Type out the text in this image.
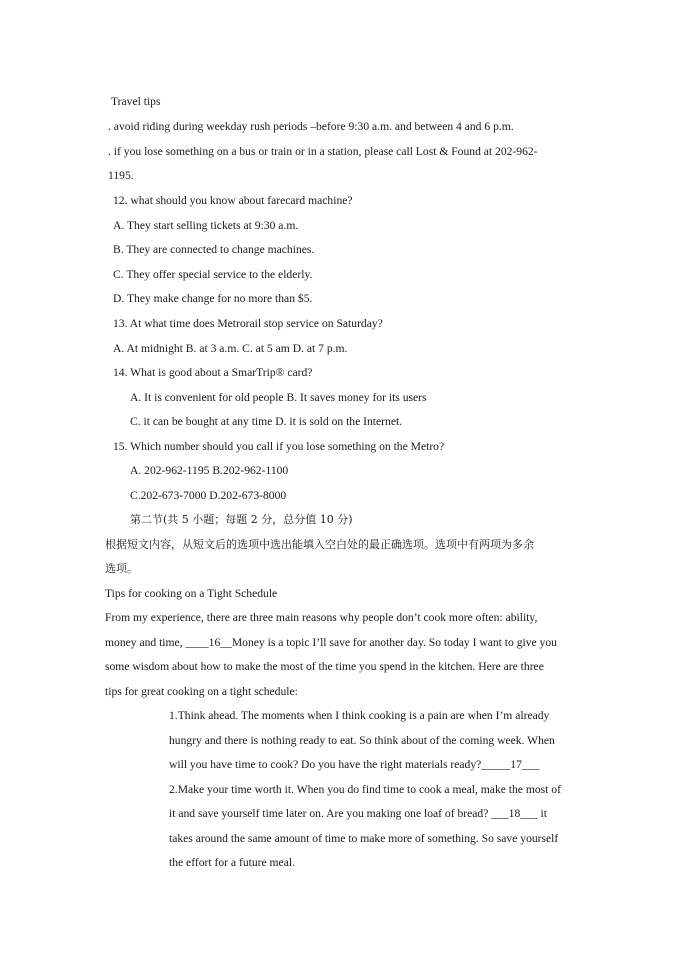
Travel tips
. avoid riding during weekday rush periods –before 9:30 a.m. and between 4 and 6 p.m.
. if you lose something on a bus or train or in a station, please call Lost & Found at 202-962-
1195.
12. what should you know about farecard machine?
A. They start selling tickets at 9:30 a.m.
B. They are connected to change machines.
C. They offer special service to the elderly.
D. They make change for no more than $5.
13. At what time does Metrorail stop service on Saturday?
A. At midnight B. at 3 a.m. C. at 5 am D. at 7 p.m.
14. What is good about a SmarTrip® card?
A. It is convenient for old people B. It saves money for its users
C. it can be bought at any time D. it is sold on the Internet.
15. Which number should you call if you lose something on the Metro?
A. 202-962-1195 B.202-962-1100
C.202-673-7000 D.202-673-8000
第二节(共 5 小题；每题 2 分，总分值 10 分)
根据短文内容，从短文后的选项中选出能填入空白处的最正确选项。选项中有两项为多余
选项。
Tips for cooking on a Tight Schedule
From my experience, there are three main reasons why people don’t cook more often: ability,
money and time, ____16__Money is a topic I’ll save for another day. So today I want to give you
some wisdom about how to make the most of the time you spend in the kitchen. Here are three
tips for great cooking on a tight schedule:
1.Think ahead. The moments when I think cooking is a pain are when I’m already
hungry and there is nothing ready to eat. So think about of the coming week. When
will you have time to cook? Do you have the right materials ready?_____17___
2.Make your time worth it. When you do find time to cook a meal, make the most of
it and save yourself time later on. Are you making one loaf of bread? ___18___ it
takes around the same amount of time to make more of something. So save yourself
the effort for a future meal.
